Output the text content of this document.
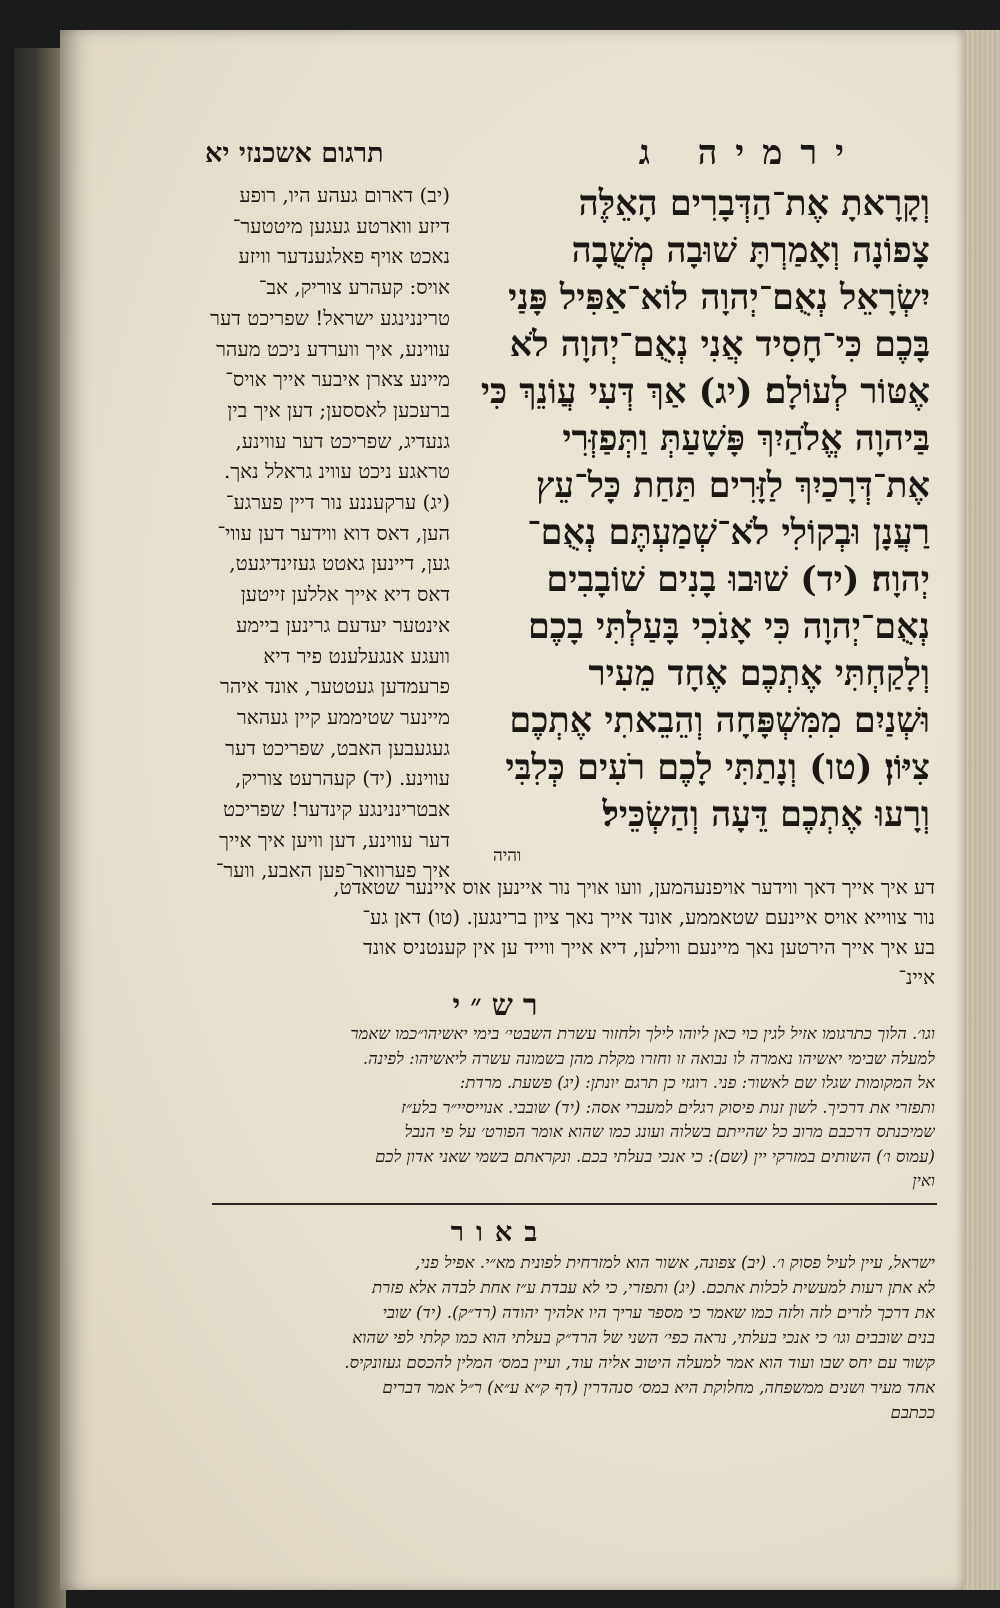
ירמיה ג
תרגום אשכנזי יא
וְקָרָאתָ אֶת־הַדְּבָרִים הָאֵלֶּה
צָפוֹנָה וְאָמַרְתָּ שׁוּבָה מְשֻׁבָה
יִשְׂרָאֵל נְאֻם־יְהוָה לוֹא־אַפִּיל פָּנַי
בָּכֶם כִּי־חָסִיד אֲנִי נְאֻם־יְהוָה לֹא
אֶטּוֹר לְעוֹלָם׃ (יג) אַךְ דְּעִי עֲוֹנֵךְ כִּי
בַּיהוָה אֱלֹהַיִךְ פָּשָׁעַתְּ וַתְּפַזְּרִי
אֶת־דְּרָכַיִךְ לַזָּרִים תַּחַת כָּל־עֵץ
רַעֲנָן וּבְקוֹלִי לֹא־שְׁמַעְתֶּם נְאֻם־
יְהוָה׃ (יד) שׁוּבוּ בָנִים שׁוֹבָבִים
נְאֻם־יְהוָה כִּי אָנֹכִי בָּעַלְתִּי בָכֶם
וְלָקַחְתִּי אֶתְכֶם אֶחָד מֵעִיר
וּשְׁנַיִם מִמִּשְׁפָּחָה וְהֵבֵאתִי אֶתְכֶם
צִיּוֹן׃ (טו) וְנָתַתִּי לָכֶם רֹעִים כְּלִבִּי
וְרָעוּ אֶתְכֶם דֵּעָה וְהַשְׂכֵּיל׃
והיה
(יב) דארום געהע היו, רופע
דיזע ווארטע געגען מיטטער־
נאכט אויף פאלגענדער וויזע
אויס: קעהרע צוריק, אב־
טריננינגע ישראל! שפריכט דער
עווינע, איך ווערדע ניכט מעהר
מיינע צארן איבער אייך אויס־
ברעכען לאססען; דען איך בין
גנעדיג, שפריכט דער עווינע,
טראגע ניכט עווינ גראלל נאך.
(יג) ערקעננע נור דיין פערגע־
הען, דאס דוא ווידער דען עווי־
גען, דיינען גאטט געזינדיגעט,
דאס דיא אייך אללען זייטען
אינטער יעדעם גרינען ביימע
וועגע אנגעלענט פיר דיא
פרעמדען געטטער, אונד איהר
מיינער שטיממע קיין געהאר
געגעבען האבט, שפריכט דער
עווינע. (יד) קעהרעט צוריק,
אבטריננינגע קינדער! שפריכט
דער עווינע, דען וויען איך אייך
איך פערוואר־פען האבע, ווער־
דע איך אייך דאך ווידער אויפנעהמען, וועו אויך נור איינען אוס איינער שטאדט,
נור צווייא אויס איינעם שטאממע, אונד אייך נאך ציון ברינגען. (טו) דאן גע־
בע איך אייך הירטען נאך מיינעם ווילען, דיא אייך ווייד ען אין קענטניס אונד
איינ־
רש״י
וגו׳. הלוך כתרגומו אזיל לגין כוי כאן ליוהו לילך ולחזור עשרת השבטי׳ בימי יאשיהו״כמו שאמר
למעלה שבימי יאשיהו נאמרה לו נבואה זו וחזרו מקלת מהן בשמונה עשרה ליאשיהו: לפינה.
אל המקומות שגלו שם לאשור: פני. רוגזי כן תרגם יונתן: (יג) פשעת. מרדת:
ותפזרי את דרכיך. לשון זנות פיסוק רגלים למעברי אסה: (יד) שובבי. אנוייסיי״ר בלע״ז
שמיכנתס דרכבם מרוב כל שהייתם בשלוה ועונג כמו שהוא אומר הפורט׳ על פי הנבל
(עמוס ו׳) השותים במזרקי יין (שם): כי אנכי בעלתי בכם. ונקראתם בשמי שאני אדון לכם
ואין
באור
ישראל, עיין לעיל פסוק ו׳. (יב) צפונה, אשור הוא למזרחית לפונית מא״י. אפיל פני,
לא אתן רעות למעשית לכלות אתכם. (יג) ותפזרי, כי לא עבדת ע״ז אחת לבדה אלא פזרת
את דרכך לזרים לזה ולזה כמו שאמר כי מספר עריך היו אלהיך יהודה (רד״ק). (יד) שובי
בנים שובבים וגו׳ כי אנכי בעלתי, נראה כפי׳ השני של הרד״ק בעלתי הוא כמו קלתי לפי שהוא
קשור עם יחס שבו ועוד הוא אמר למעלה היטוב אליה עוד, ועיין במס׳ המלין להכסם געזונקיס.
אחד מעיר ושנים ממשפחה, מחלוקת היא במס׳ סנהדרין (דף ק״א ע״א) ר״ל אמר דברים
ככתבם
